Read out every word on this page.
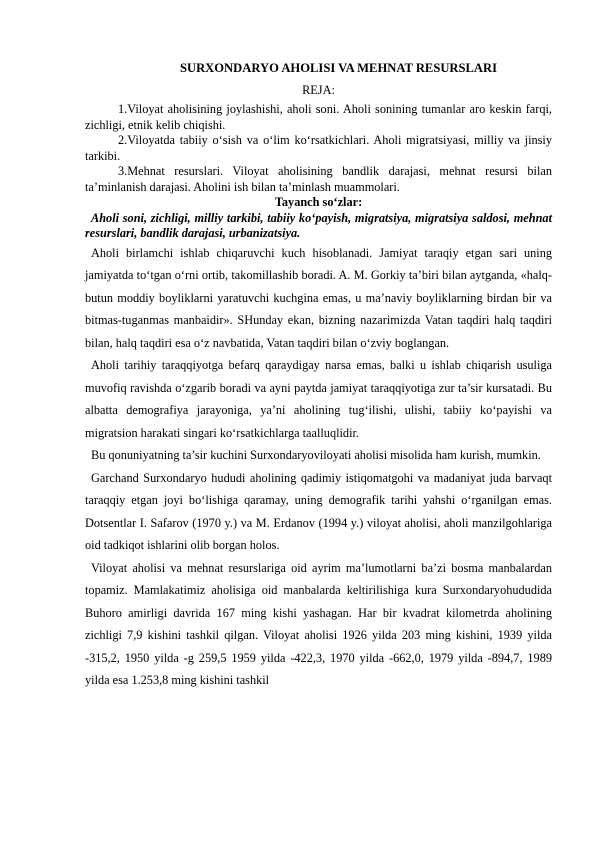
SURXONDARYO AHOLISI VA MEHNAT RESURSLARI
REJA:

1.Viloyat aholisining joylashishi, aholi soni. Aholi sonining tumanlar aro keskin farqi, zichligi, etnik kelib chiqishi.

2.Viloyatda tabiiy o‘sish va o‘lim ko‘rsatkichlari. Aholi migratsiyasi, milliy va jinsiy tarkibi.

3.Mehnat resurslari. Viloyat aholisining bandlik darajasi, mehnat resursi bilan ta’minlanish darajasi. Aholini ish bilan ta’minlash muammolari.

Tayanch so‘zlar:
Aholi soni, zichligi, milliy tarkibi, tabiiy ko‘payish, migratsiya, migratsiya saldosi, mehnat resurslari, bandlik darajasi, urbanizatsiya.

Aholi birlamchi ishlab chiqaruvchi kuch hisoblanadi. Jamiyat taraqiy etgan sari uning jamiyatda to‘tgan o‘rni ortib, takomillashib boradi. A. M. Gorkiy ta’biri bilan aytganda, «halq-butun moddiy boyliklarni yaratuvchi kuchgina emas, u ma’naviy boyliklarning birdan bir va bitmas-tuganmas manbaidir». SHunday ekan, bizning nazarimizda Vatan taqdiri halq taqdiri bilan, halq taqdiri esa o‘z navbatida, Vatan taqdiri bilan o‘zviy boglangan.

Aholi tarihiy taraqqiyotga befarq qaraydigay narsa emas, balki u ishlab chiqarish usuliga muvofiq ravishda o‘zgarib boradi va ayni paytda jamiyat taraqqiyotiga zur ta’sir kursatadi. Bu albatta demografiya jarayoniga, ya’ni aholining tug‘ilishi, ulishi, tabiiy ko‘payishi va migratsion harakati singari ko‘rsatkichlarga taalluqlidir.

Bu qonuniyatning ta’sir kuchini Surxondaryoviloyati aholisi misolida ham kurish, mumkin.

Garchand Surxondaryo hududi aholining qadimiy istiqomatgohi va madaniyat juda barvaqt taraqqiy etgan joyi bo‘lishiga qaramay, uning demografik tarihi yahshi o‘rganilgan emas. Dotsentlar I. Safarov (1970 y.) va M. Erdanov (1994 y.) viloyat aholisi, aholi manzilgohlariga oid tadkiqot ishlarini olib borgan holos.

Viloyat aholisi va mehnat resurslariga oid ayrim ma’lumotlarni ba’zi bosma manbalardan topamiz. Mamlakatimiz aholisiga oid manbalarda keltirilishiga kura Surxondaryohududida Buhoro amirligi davrida 167 ming kishi yashagan. Har bir kvadrat kilometrda aholining zichligi 7,9 kishini tashkil qilgan. Viloyat aholisi 1926 yilda 203 ming kishini, 1939 yilda -315,2, 1950 yilda -g 259,5 1959 yilda -422,3, 1970 yilda -662,0, 1979 yilda -894,7, 1989 yilda esa 1.253,8 ming kishini tashkil
